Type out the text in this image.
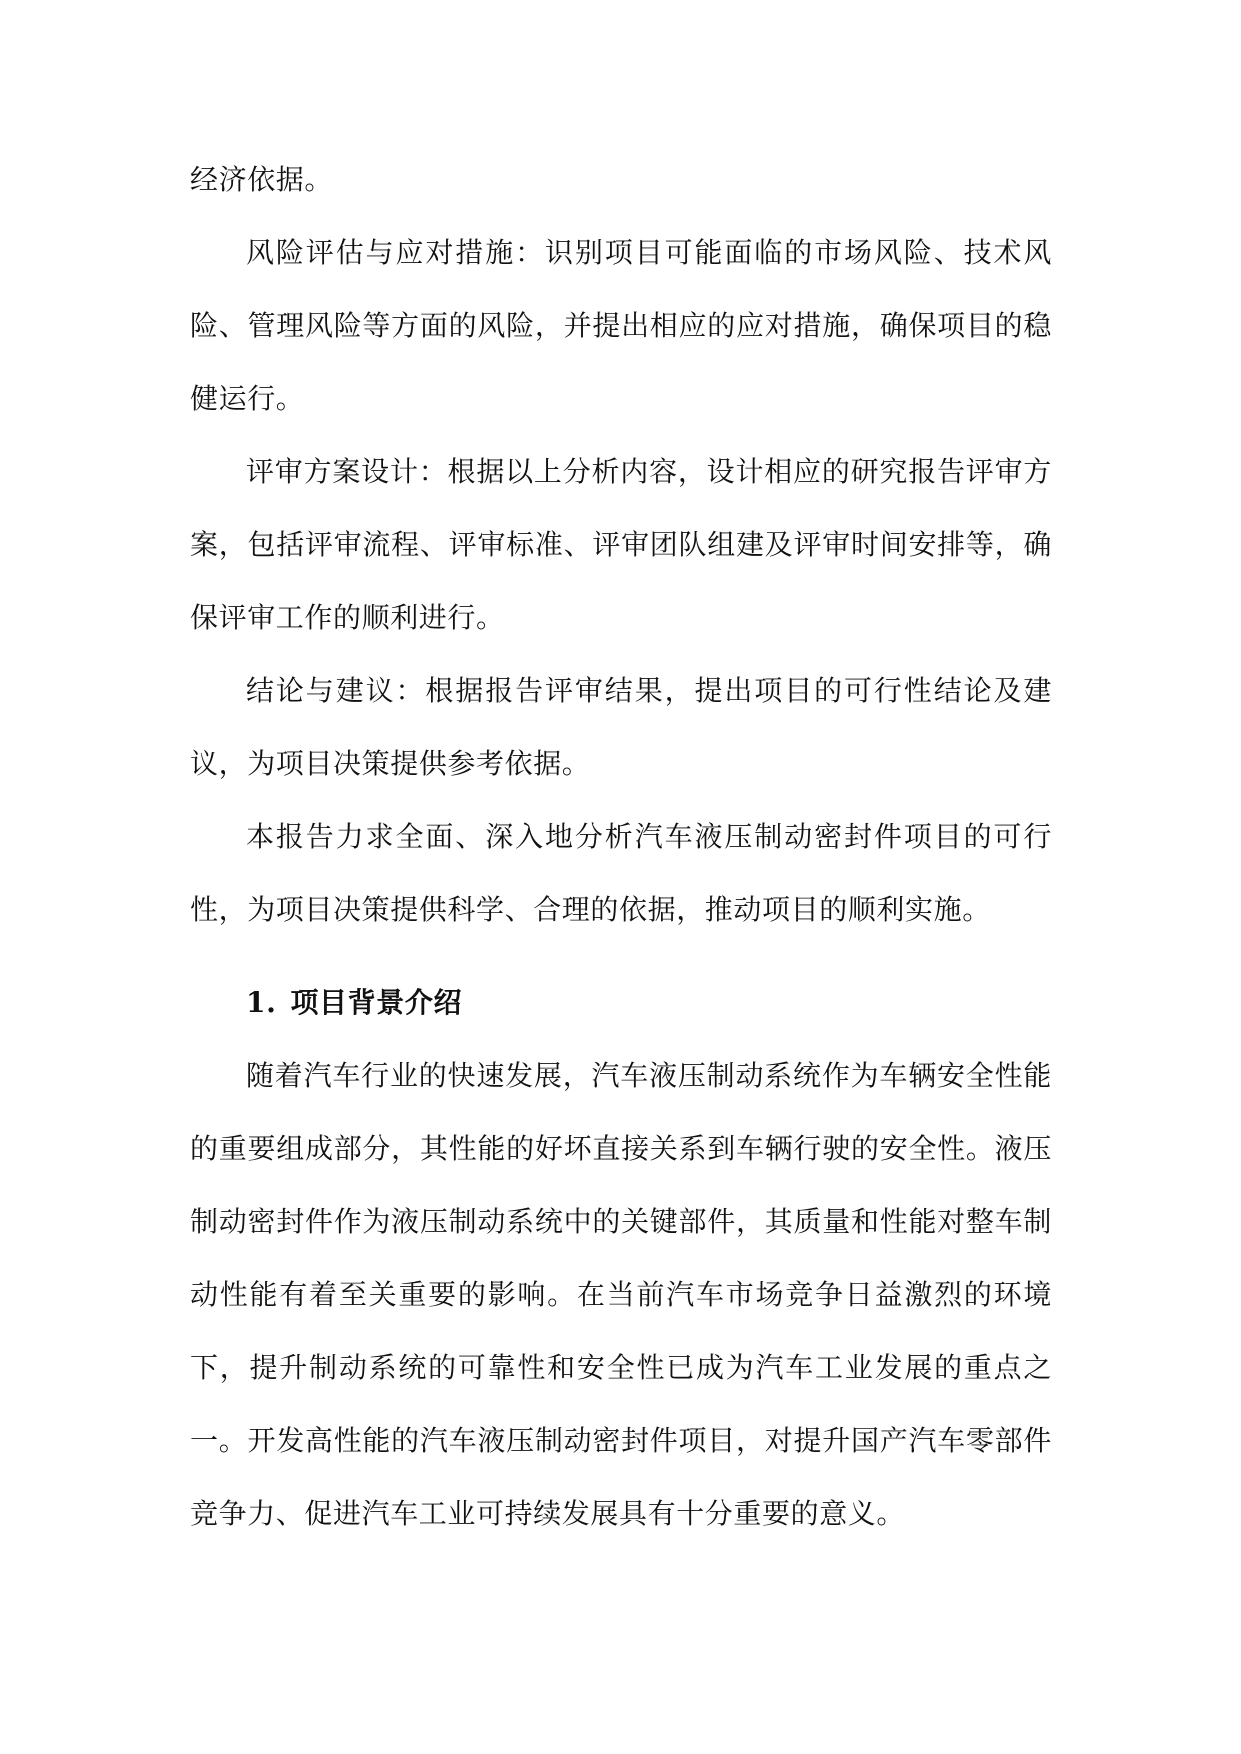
经济依据。

风险评估与应对措施：识别项目可能面临的市场风险、技术风险、管理风险等方面的风险，并提出相应的应对措施，确保项目的稳健运行。

评审方案设计：根据以上分析内容，设计相应的研究报告评审方案，包括评审流程、评审标准、评审团队组建及评审时间安排等，确保评审工作的顺利进行。

结论与建议：根据报告评审结果，提出项目的可行性结论及建议，为项目决策提供参考依据。

本报告力求全面、深入地分析汽车液压制动密封件项目的可行性，为项目决策提供科学、合理的依据，推动项目的顺利实施。

1. 项目背景介绍

随着汽车行业的快速发展，汽车液压制动系统作为车辆安全性能的重要组成部分，其性能的好坏直接关系到车辆行驶的安全性。液压制动密封件作为液压制动系统中的关键部件，其质量和性能对整车制动性能有着至关重要的影响。在当前汽车市场竞争日益激烈的环境下，提升制动系统的可靠性和安全性已成为汽车工业发展的重点之一。开发高性能的汽车液压制动密封件项目，对提升国产汽车零部件竞争力、促进汽车工业可持续发展具有十分重要的意义。
